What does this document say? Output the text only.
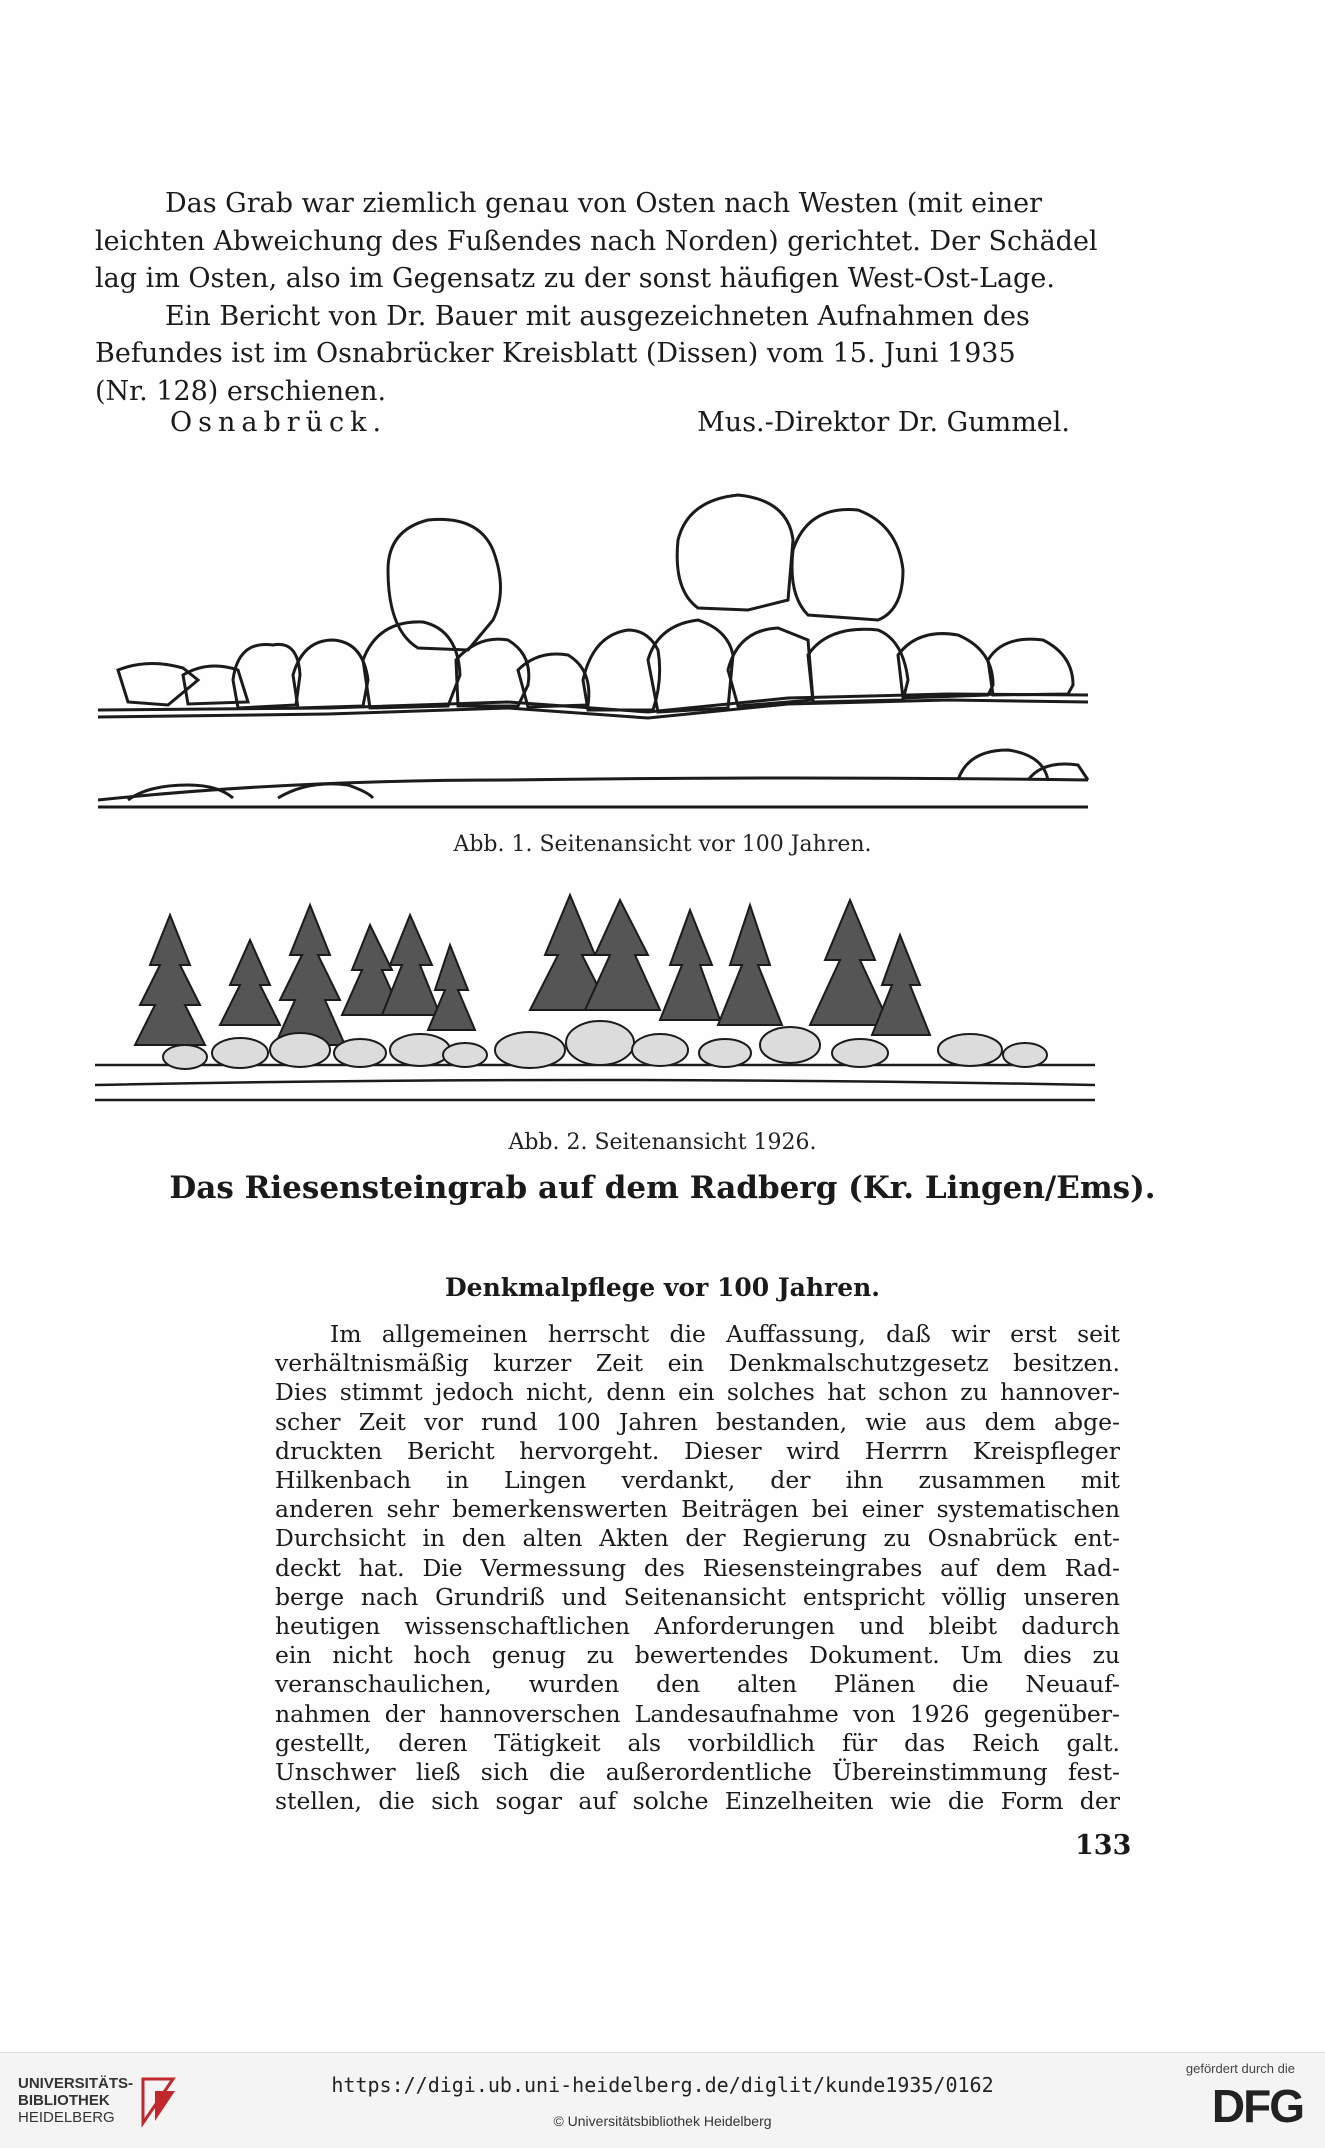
Das Grab war ziemlich genau von Osten nach Westen (mit einer
leichten Abweichung des Fußendes nach Norden) gerichtet. Der Schädel
lag im Osten, also im Gegensatz zu der sonst häufigen West-Ost-Lage.
Ein Bericht von Dr. Bauer mit ausgezeichneten Aufnahmen des
Befundes ist im Osnabrücker Kreisblatt (Dissen) vom 15. Juni 1935
(Nr. 128) erschienen.
Osnabrück.	Mus.-Direktor Dr. Gummel.
Abb. 1. Seitenansicht vor 100 Jahren.
Abb. 2. Seitenansicht 1926.
Das Riesensteingrab auf dem Radberg (Kr. Lingen/Ems).
Denkmalpflege vor 100 Jahren.
Im allgemeinen herrscht die Auffassung, daß wir erst seit
verhältnismäßig kurzer Zeit ein Denkmalschutzgesetz besitzen.
Dies stimmt jedoch nicht, denn ein solches hat schon zu hannover-
scher Zeit vor rund 100 Jahren bestanden, wie aus dem abge-
druckten Bericht hervorgeht. Dieser wird Herrrn Kreispfleger
Hilkenbach in Lingen verdankt, der ihn zusammen mit
anderen sehr bemerkenswerten Beiträgen bei einer systematischen
Durchsicht in den alten Akten der Regierung zu Osnabrück ent-
deckt hat. Die Vermessung des Riesensteingrabes auf dem Rad-
berge nach Grundriß und Seitenansicht entspricht völlig unseren
heutigen wissenschaftlichen Anforderungen und bleibt dadurch
ein nicht hoch genug zu bewertendes Dokument. Um dies zu
veranschaulichen, wurden den alten Plänen die Neuauf-
nahmen der hannoverschen Landesaufnahme von 1926 gegenüber-
gestellt, deren Tätigkeit als vorbildlich für das Reich galt.
Unschwer ließ sich die außerordentliche Übereinstimmung fest-
stellen, die sich sogar auf solche Einzelheiten wie die Form der
133
UNIVERSITÄTS-
BIBLIOTHEK
HEIDELBERG
https://digi.ub.uni-heidelberg.de/diglit/kunde1935/0162
© Universitätsbibliothek Heidelberg
gefördert durch die
DFG
